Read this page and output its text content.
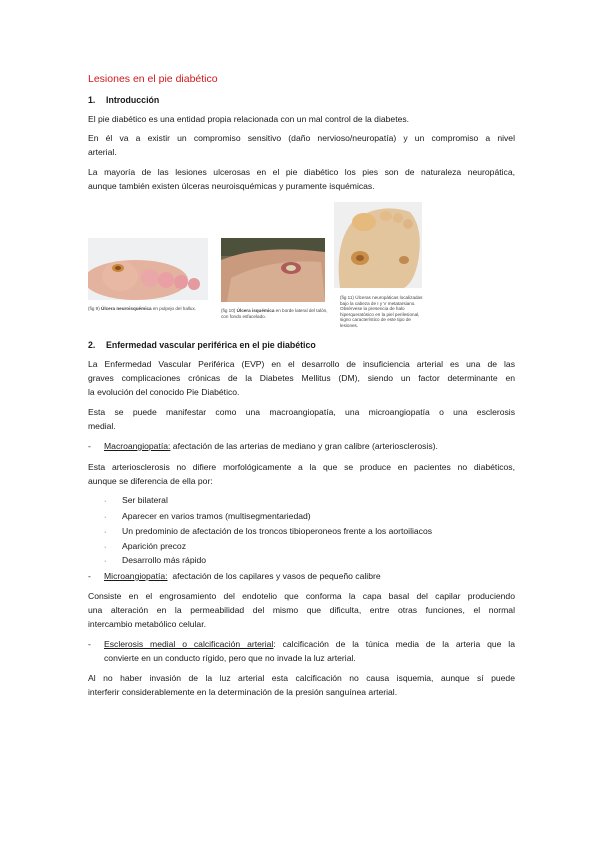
Lesiones en el pie diabético
1. Introducción
El pie diabético es una entidad propia relacionada con un mal control de la diabetes.
En él va a existir un compromiso sensitivo (daño nervioso/neuropatía) y un compromiso a nivel
arterial.
La mayoría de las lesiones ulcerosas en el pie diabético los pies son de naturaleza neuropática,
aunque también existen úlceras neuroisquémicas y puramente isquémicas.
(fig 9) Úlcera neuroisquémica en pulpejo del hallux.	(fig 10) Úlcera isquémica en borde lateral del talón, con fondo esfacelado.
(fig 11) Úlceras neuropáticas localizadas bajo la cabeza de I y V metatarsiano. Obsérvese la presencia de halo hiperqueratósico en la piel perilesional, signo característico de este tipo de lesiones.
2. Enfermedad vascular periférica en el pie diabético
La Enfermedad Vascular Periférica (EVP) en el desarrollo de insuficiencia arterial es una de las
graves complicaciones crónicas de la Diabetes Mellitus (DM), siendo un factor determinante en
la evolución del conocido Pie Diabético.
Esta se puede manifestar como una macroangiopatía, una microangiopatía o una esclerosis
medial.
- Macroangiopatía: afectación de las arterias de mediano y gran calibre (arteriosclerosis).
Esta arteriosclerosis no difiere morfológicamente a la que se produce en pacientes no diabéticos,
aunque se diferencia de ella por:
· Ser bilateral
· Aparecer en varios tramos (multisegmentariedad)
· Un predominio de afectación de los troncos tibioperoneos frente a los aortoiliacos
· Aparición precoz
· Desarrollo más rápido
- Microangiopatía:  afectación de los capilares y vasos de pequeño calibre
Consiste en el engrosamiento del endotelio que conforma la capa basal del capilar produciendo
una alteración en la permeabilidad del mismo que dificulta, entre otras funciones, el normal
intercambio metabólico celular.
- Esclerosis medial o calcificación arterial: calcificación de la túnica media de la arteria que la
convierte en un conducto rígido, pero que no invade la luz arterial.
Al no haber invasión de la luz arterial esta calcificación no causa isquemia, aunque sí puede
interferir considerablemente en la determinación de la presión sanguínea arterial.
